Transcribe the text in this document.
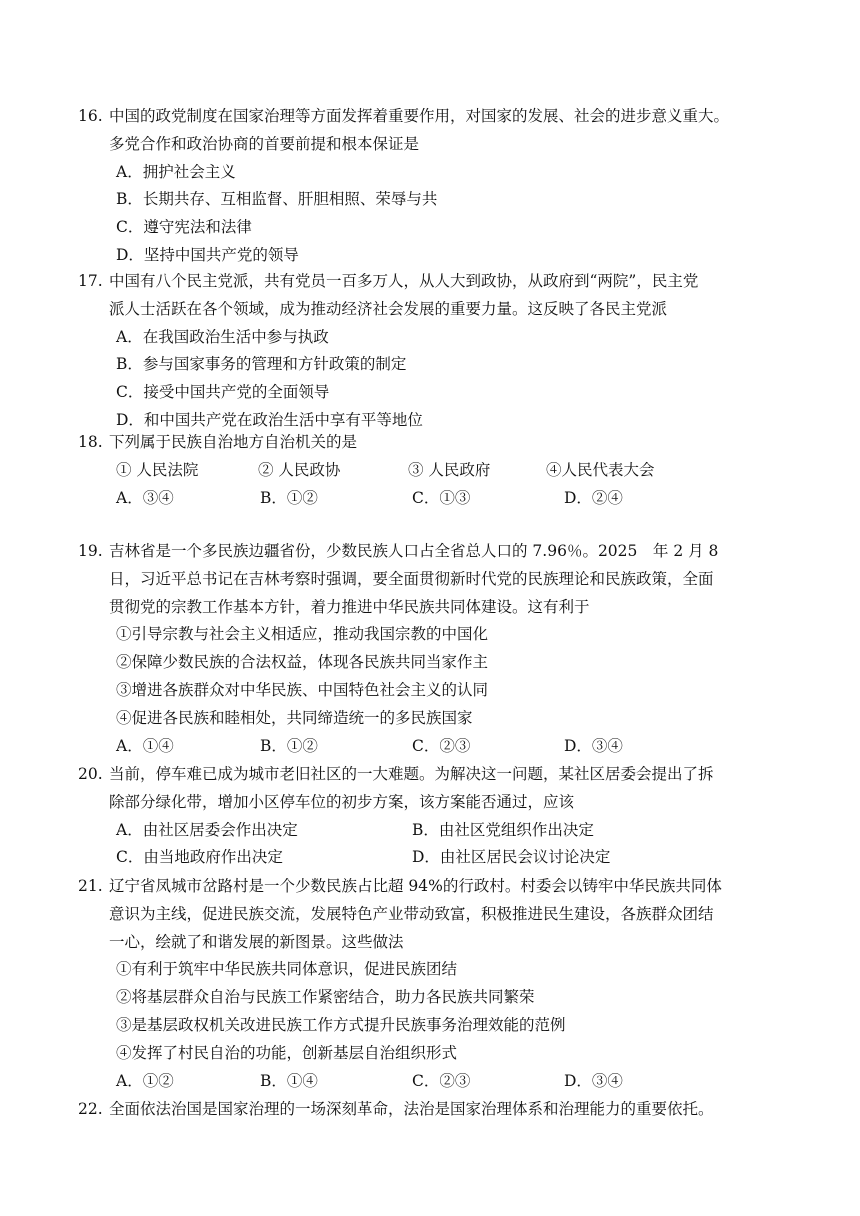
16. 中国的政党制度在国家治理等方面发挥着重要作用，对国家的发展、社会的进步意义重大。
多党合作和政治协商的首要前提和根本保证是
A．拥护社会主义
B．长期共存、互相监督、肝胆相照、荣辱与共
C．遵守宪法和法律
D．坚持中国共产党的领导
17. 中国有八个民主党派，共有党员一百多万人，从人大到政协，从政府到“两院”，民主党
派人士活跃在各个领域，成为推动经济社会发展的重要力量。这反映了各民主党派
A．在我国政治生活中参与执政
B．参与国家事务的管理和方针政策的制定
C．接受中国共产党的全面领导
D．和中国共产党在政治生活中享有平等地位
18. 下列属于民族自治地方自治机关的是
① 人民法院	② 人民政协	③ 人民政府	④人民代表大会
A．③④	B．①②	C．①③	D．②④
19. 吉林省是一个多民族边疆省份，少数民族人口占全省总人口的 7.96％。2025　年 2 月 8
日，习近平总书记在吉林考察时强调，要全面贯彻新时代党的民族理论和民族政策，全面
贯彻党的宗教工作基本方针，着力推进中华民族共同体建设。这有利于
①引导宗教与社会主义相适应，推动我国宗教的中国化
②保障少数民族的合法权益，体现各民族共同当家作主
③增进各族群众对中华民族、中国特色社会主义的认同
④促进各民族和睦相处，共同缔造统一的多民族国家
A．①④	B．①②	C．②③	D．③④
20. 当前，停车难已成为城市老旧社区的一大难题。为解决这一问题，某社区居委会提出了拆
除部分绿化带，增加小区停车位的初步方案，该方案能否通过，应该
A．由社区居委会作出决定	B．由社区党组织作出决定
C．由当地政府作出决定	D．由社区居民会议讨论决定
21. 辽宁省凤城市岔路村是一个少数民族占比超 94%的行政村。村委会以铸牢中华民族共同体
意识为主线，促进民族交流，发展特色产业带动致富，积极推进民生建设，各族群众团结
一心，绘就了和谐发展的新图景。这些做法
①有利于筑牢中华民族共同体意识，促进民族团结
②将基层群众自治与民族工作紧密结合，助力各民族共同繁荣
③是基层政权机关改进民族工作方式提升民族事务治理效能的范例
④发挥了村民自治的功能，创新基层自治组织形式
A．①②	B．①④	C．②③	D．③④
22. 全面依法治国是国家治理的一场深刻革命，法治是国家治理体系和治理能力的重要依托。
